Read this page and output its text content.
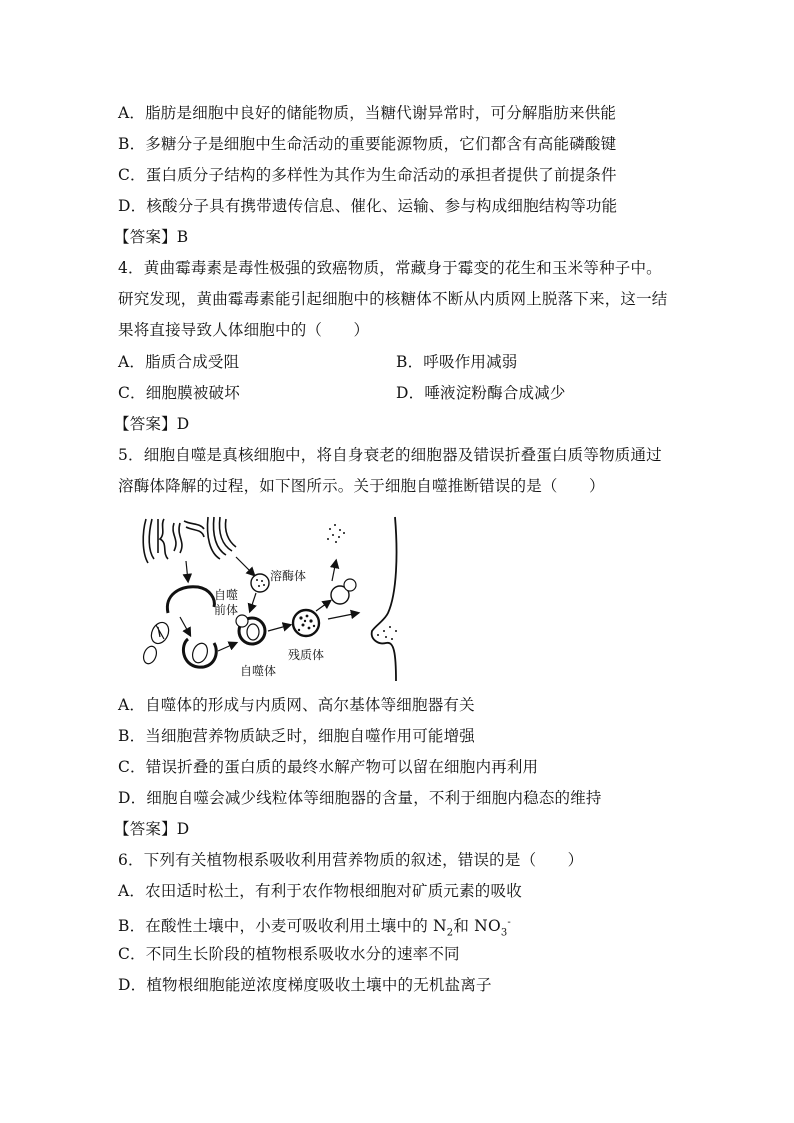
A．脂肪是细胞中良好的储能物质，当糖代谢异常时，可分解脂肪来供能
B．多糖分子是细胞中生命活动的重要能源物质，它们都含有高能磷酸键
C．蛋白质分子结构的多样性为其作为生命活动的承担者提供了前提条件
D．核酸分子具有携带遗传信息、催化、运输、参与构成细胞结构等功能
【答案】B
4．黄曲霉毒素是毒性极强的致癌物质，常藏身于霉变的花生和玉米等种子中。
研究发现，黄曲霉毒素能引起细胞中的核糖体不断从内质网上脱落下来，这一结
果将直接导致人体细胞中的（　　）
A．脂质合成受阻	B．呼吸作用减弱
C．细胞膜被破坏	D．唾液淀粉酶合成减少
【答案】D
5．细胞自噬是真核细胞中，将自身衰老的细胞器及错误折叠蛋白质等物质通过
溶酶体降解的过程，如下图所示。关于细胞自噬推断错误的是（　　）
自噬
前体
溶酶体
自噬体
残质体
A．自噬体的形成与内质网、高尔基体等细胞器有关
B．当细胞营养物质缺乏时，细胞自噬作用可能增强
C．错误折叠的蛋白质的最终水解产物可以留在细胞内再利用
D．细胞自噬会减少线粒体等细胞器的含量，不利于细胞内稳态的维持
【答案】D
6．下列有关植物根系吸收利用营养物质的叙述，错误的是（　　）
A．农田适时松土，有利于农作物根细胞对矿质元素的吸收
B．在酸性土壤中，小麦可吸收利用土壤中的 $N_2$和 $NO_3^-$
C．不同生长阶段的植物根系吸收水分的速率不同
D．植物根细胞能逆浓度梯度吸收土壤中的无机盐离子
